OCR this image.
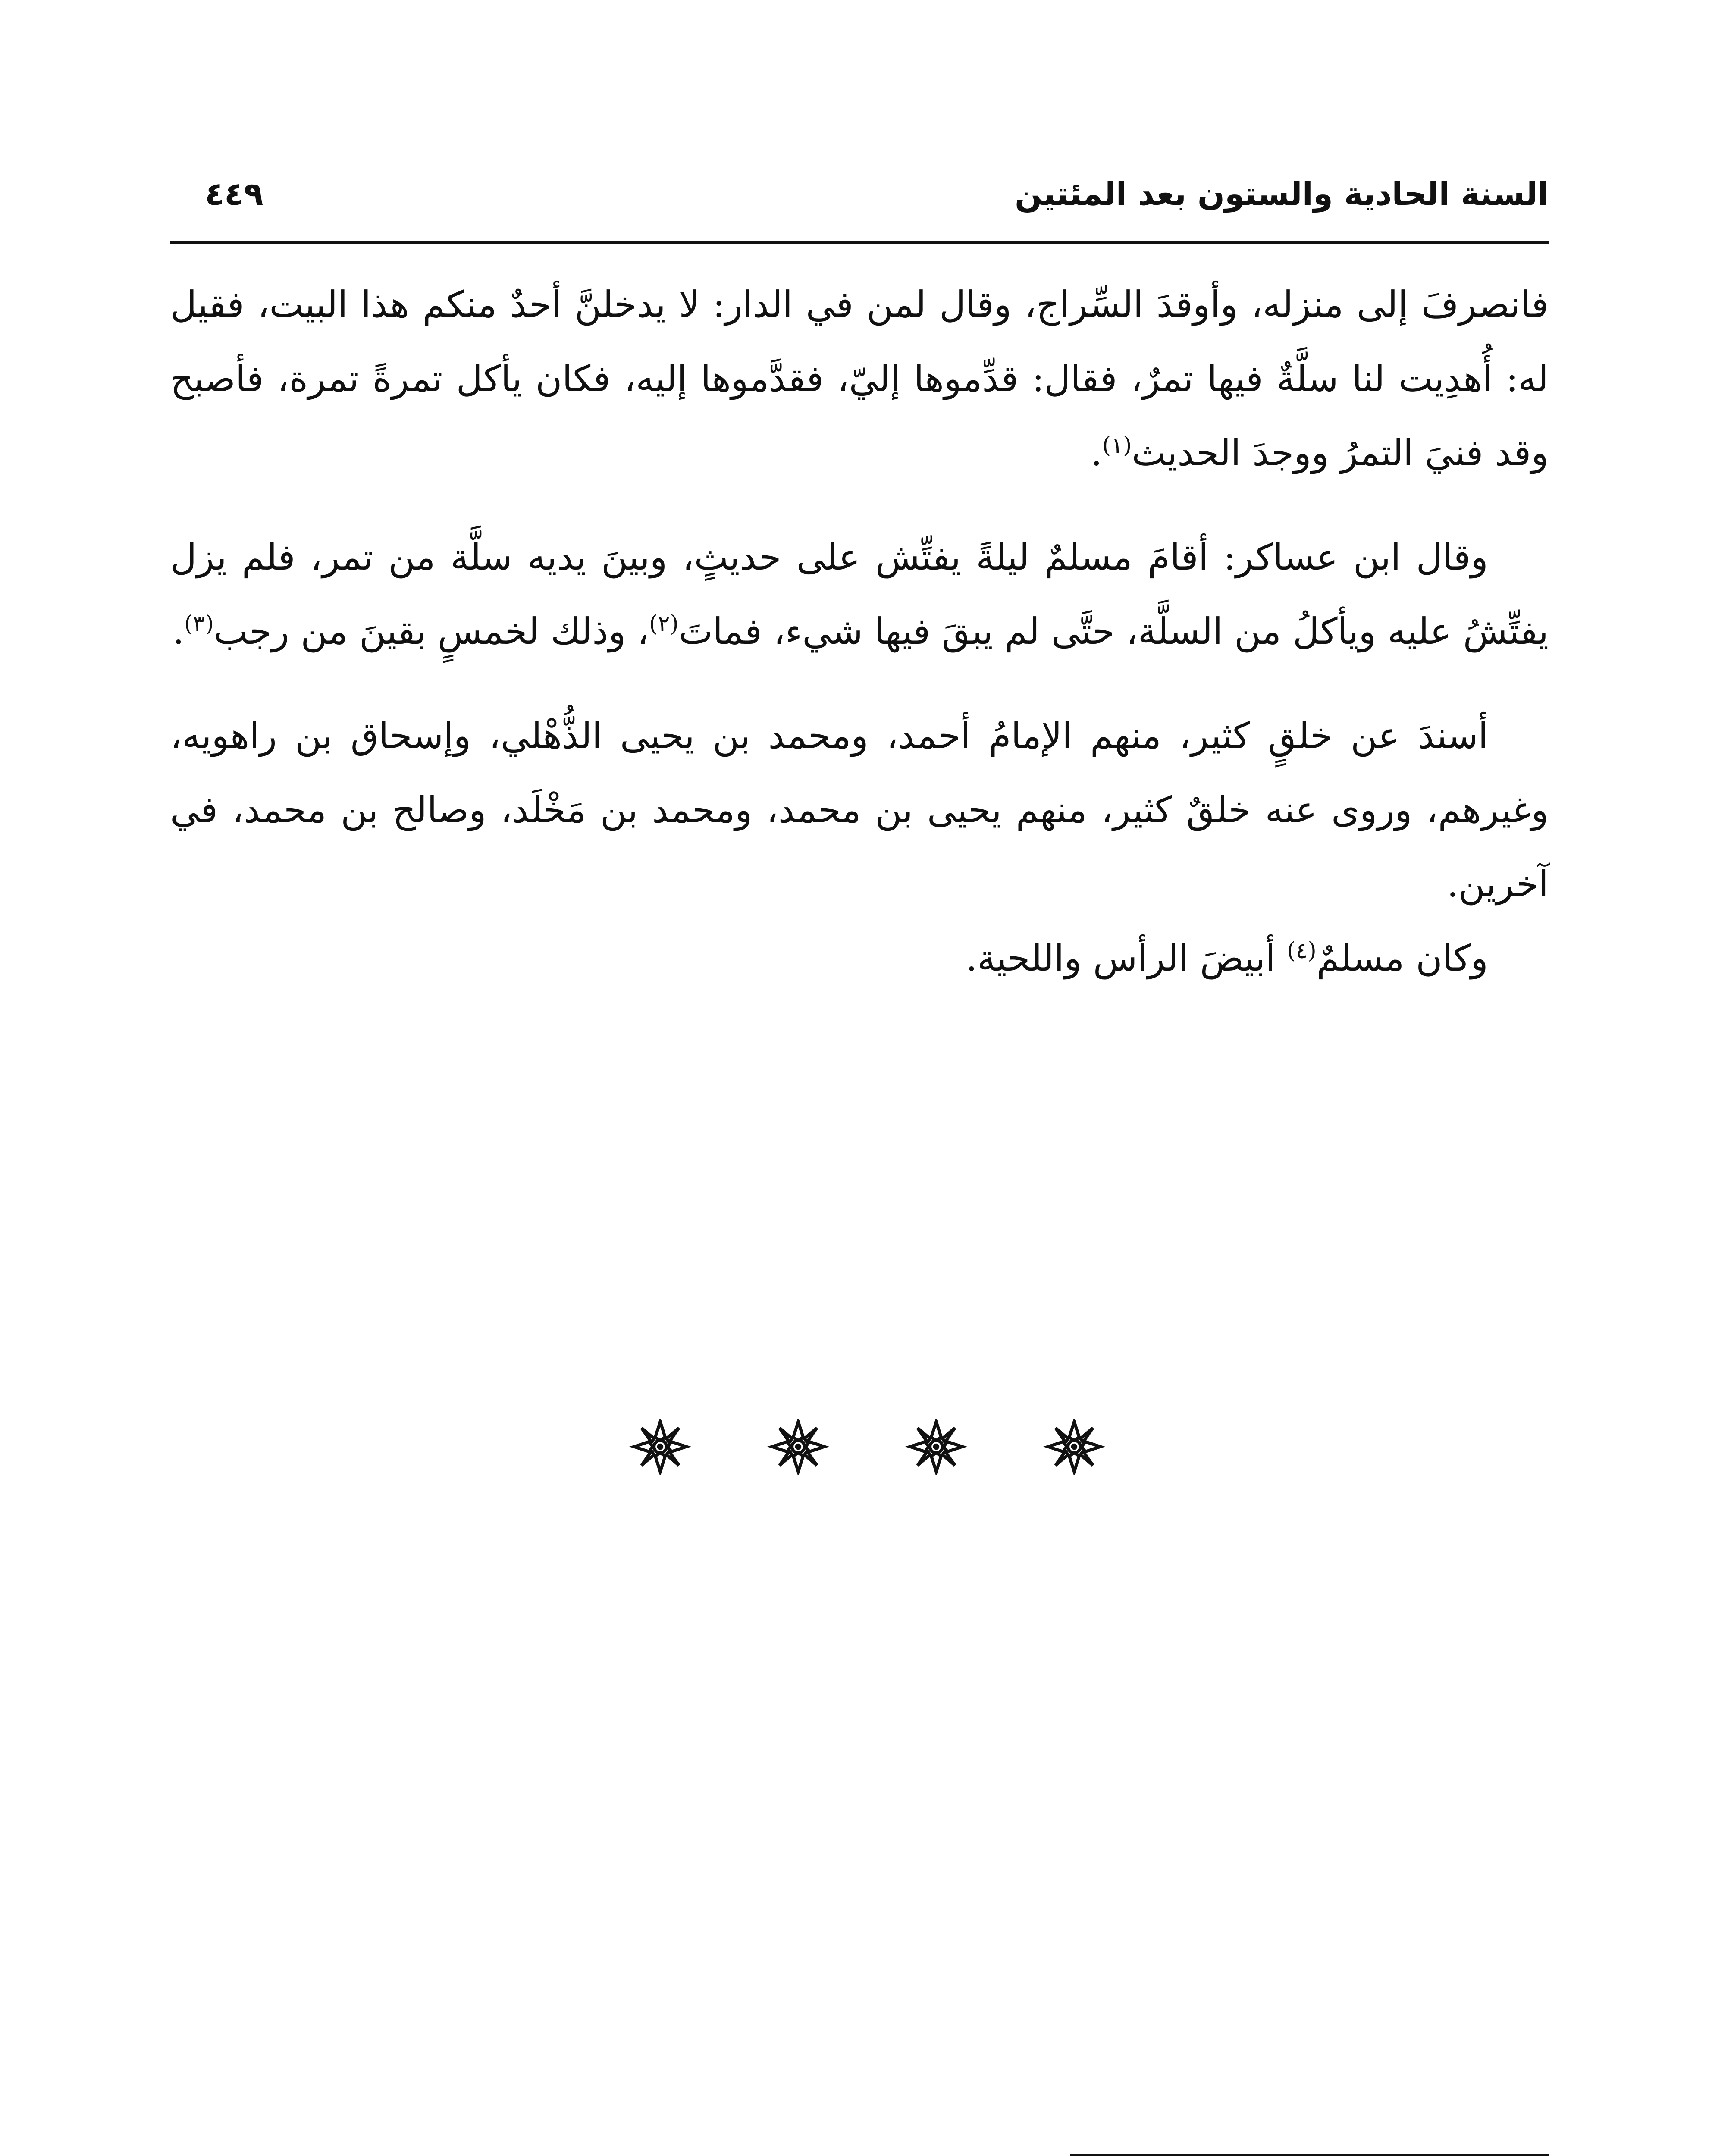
السنة الحادية والستون بعد المئتين
٤٤٩

فانصرفَ إلى منزله، وأوقدَ السِّراج، وقال لمن في الدار: لا يدخلنَّ أحدٌ منكم هذا البيت، فقيل له: أُهدِيت لنا سلَّةٌ فيها تمرٌ، فقال: قدِّموها إليّ، فقدَّموها إليه، فكان يأكل تمرةً تمرة، فأصبح وقد فنيَ التمرُ ووجدَ الحديث$^{(١)}$.

وقال ابن عساكر: أقامَ مسلمٌ ليلةً يفتِّش على حديثٍ، وبينَ يديه سلَّة من تمر، فلم يزل يفتِّشُ عليه ويأكلُ من السلَّة، حتَّى لم يبقَ فيها شيء، فماتَ$^{(٢)}$، وذلك لخمسٍ بقينَ من رجب$^{(٣)}$.

أسندَ عن خلقٍ كثير، منهم الإمامُ أحمد، ومحمد بن يحيى الذُّهْلي، وإسحاق بن راهويه، وغيرهم، وروى عنه خلقٌ كثير، منهم يحيى بن محمد، ومحمد بن مَخْلَد، وصالح بن محمد، في آخرين.

وكان مسلمٌ$^{(٤)}$ أبيضَ الرأس واللحية.
